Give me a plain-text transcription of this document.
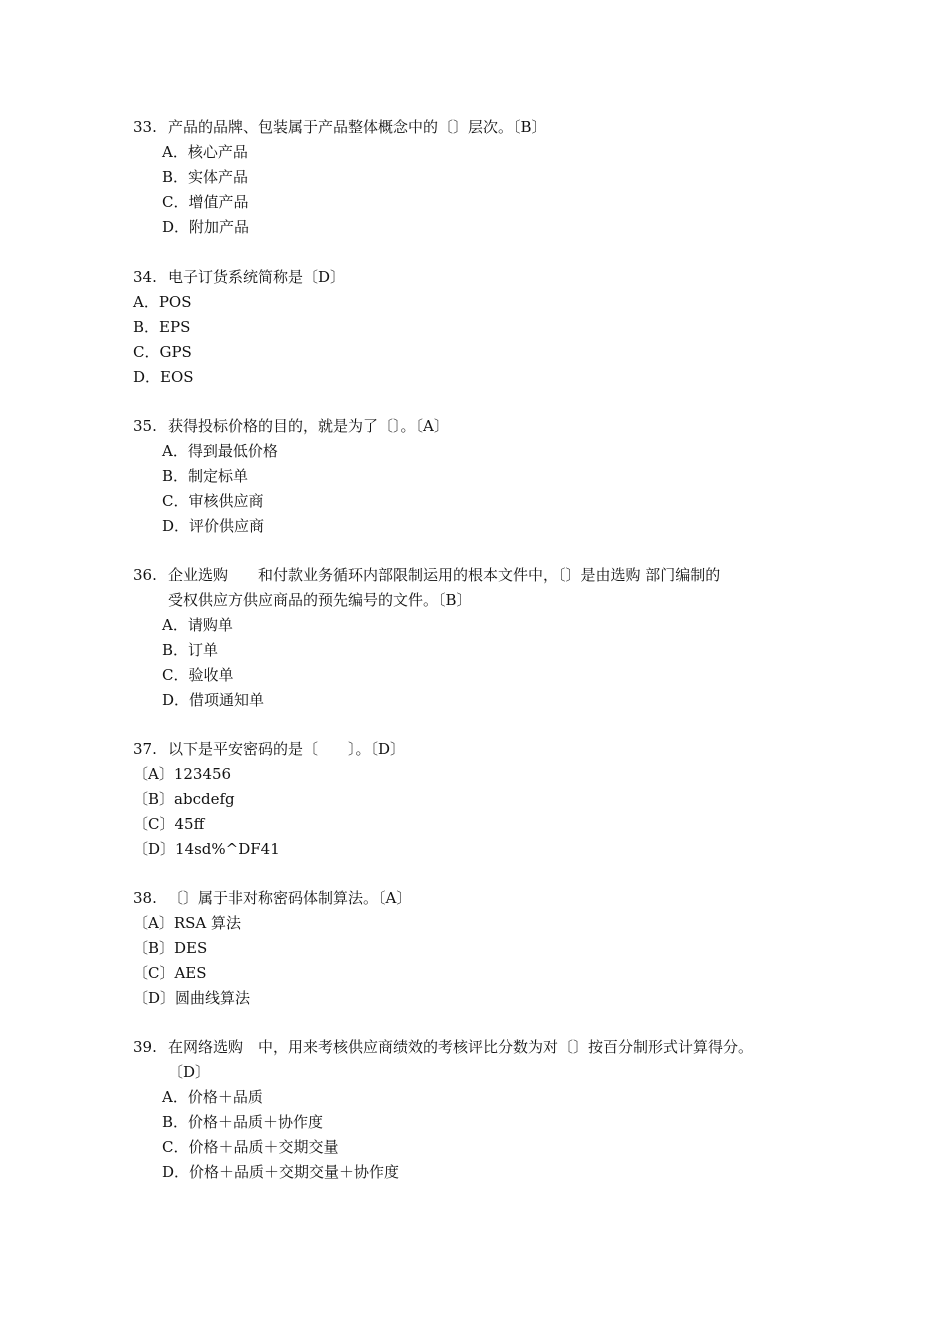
33. 产品的品牌、包装属于产品整体概念中的〔〕层次。〔B〕
A．核心产品
B．实体产品
C．增值产品
D．附加产品
34. 电子订货系统简称是〔D〕
A．POS
B．EPS
C．GPS
D．EOS
35. 获得投标价格的目的，就是为了〔〕。〔A〕
A．得到最低价格
B．制定标单
C．审核供应商
D．评价供应商
36. 企业选购　　和付款业务循环内部限制运用的根本文件中，〔〕是由选购 部门编制的
受权供应方供应商品的预先编号的文件。〔B〕
A．请购单
B．订单
C．验收单
D．借项通知单
37. 以下是平安密码的是〔　　〕。〔D〕
〔A〕123456
〔B〕abcdefg
〔C〕45ff
〔D〕14sd%^DF41
38. 〔〕属于非对称密码体制算法。〔A〕
〔A〕RSA 算法
〔B〕DES
〔C〕AES
〔D〕圆曲线算法
39. 在网络选购　中，用来考核供应商绩效的考核评比分数为对〔〕按百分制形式计算得分。
〔D〕
A．价格＋品质
B．价格＋品质＋协作度
C．价格＋品质＋交期交量
D．价格＋品质＋交期交量＋协作度
